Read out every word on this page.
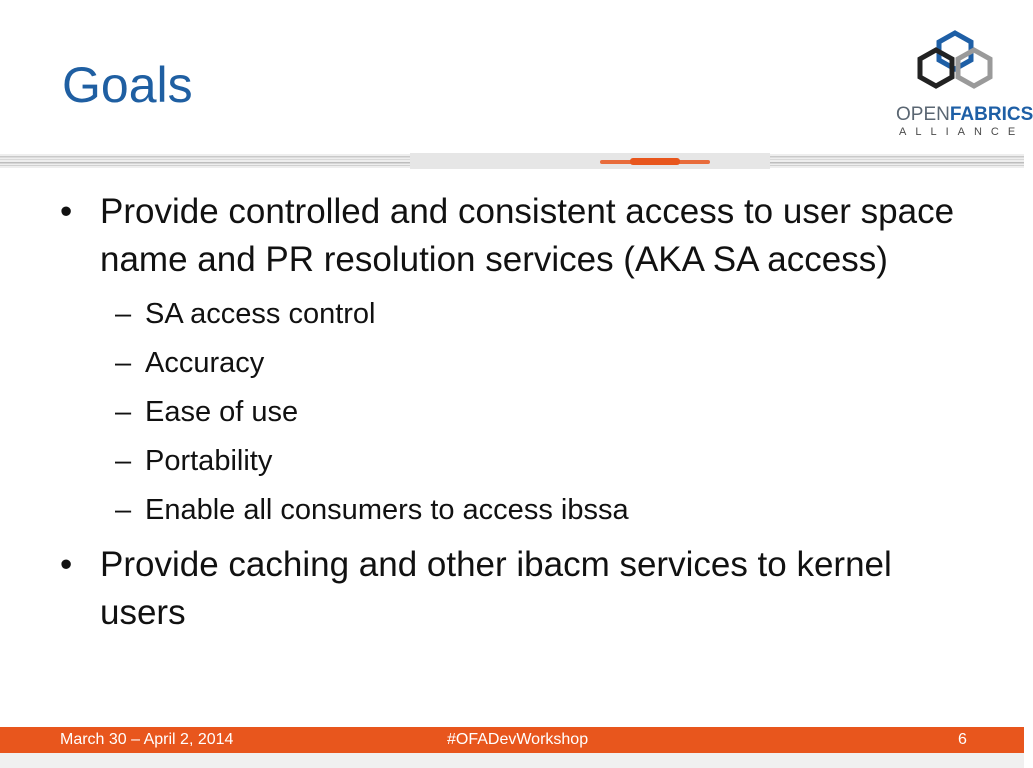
Goals
OPENFABRICS
ALLIANCE
• Provide controlled and consistent access to user space name and PR resolution services (AKA SA access)
– SA access control
– Accuracy
– Ease of use
– Portability
– Enable all consumers to access ibssa
• Provide caching and other ibacm services to kernel users
March 30 – April 2, 2014	#OFADevWorkshop	6
